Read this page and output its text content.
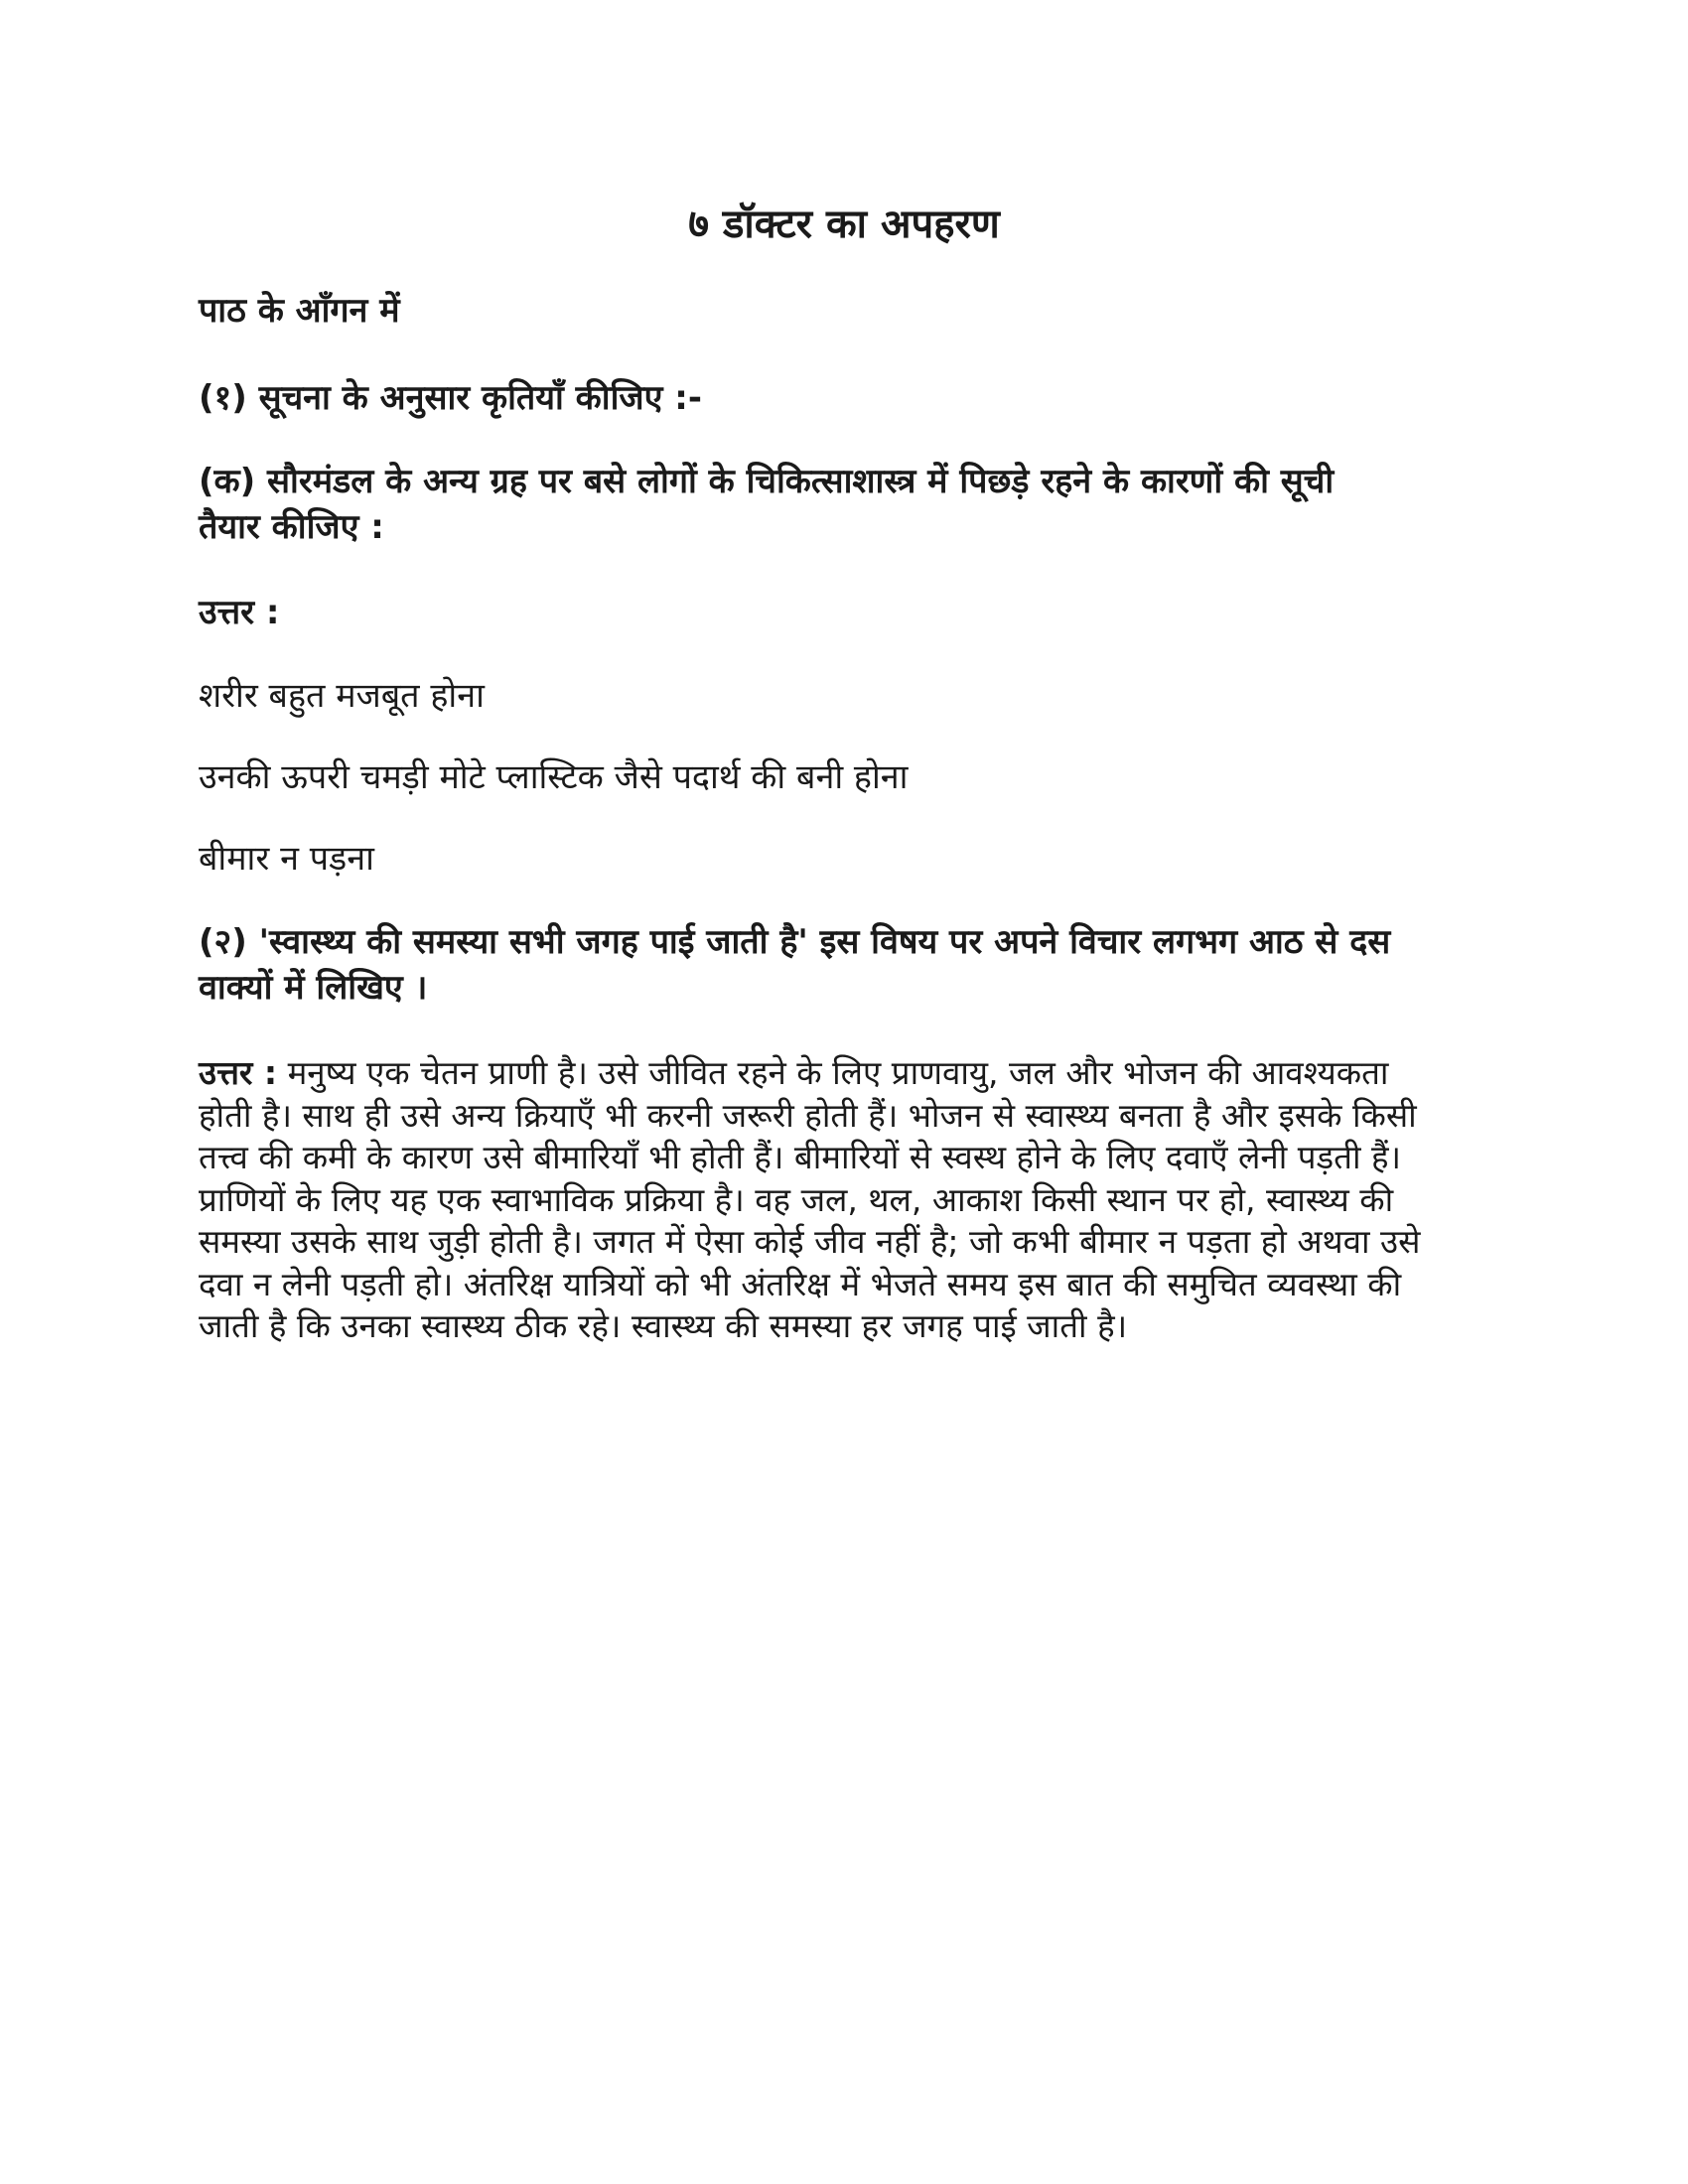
७ डॉक्टर का अपहरण
पाठ के आँगन में
(१) सूचना के अनुसार कृतियाँ कीजिए :-
(क) सौरमंडल के अन्य ग्रह पर बसे लोगों के चिकित्साशास्त्र में पिछड़े रहने के कारणों की सूची
तैयार कीजिए :
उत्तर :
शरीर बहुत मजबूत होना
उनकी ऊपरी चमड़ी मोटे प्लास्टिक जैसे पदार्थ की बनी होना
बीमार न पड़ना
(२) 'स्वास्थ्य की समस्या सभी जगह पाई जाती है' इस विषय पर अपने विचार लगभग आठ से दस
वाक्यों में लिखिए ।
उत्तर : मनुष्य एक चेतन प्राणी है। उसे जीवित रहने के लिए प्राणवायु, जल और भोजन की आवश्यकता
होती है। साथ ही उसे अन्य क्रियाएँ भी करनी जरूरी होती हैं। भोजन से स्वास्थ्य बनता है और इसके किसी
तत्त्व की कमी के कारण उसे बीमारियाँ भी होती हैं। बीमारियों से स्वस्थ होने के लिए दवाएँ लेनी पड़ती हैं।
प्राणियों के लिए यह एक स्वाभाविक प्रक्रिया है। वह जल, थल, आकाश किसी स्थान पर हो, स्वास्थ्य की
समस्या उसके साथ जुड़ी होती है। जगत में ऐसा कोई जीव नहीं है; जो कभी बीमार न पड़ता हो अथवा उसे
दवा न लेनी पड़ती हो। अंतरिक्ष यात्रियों को भी अंतरिक्ष में भेजते समय इस बात की समुचित व्यवस्था की
जाती है कि उनका स्वास्थ्य ठीक रहे। स्वास्थ्य की समस्या हर जगह पाई जाती है।
